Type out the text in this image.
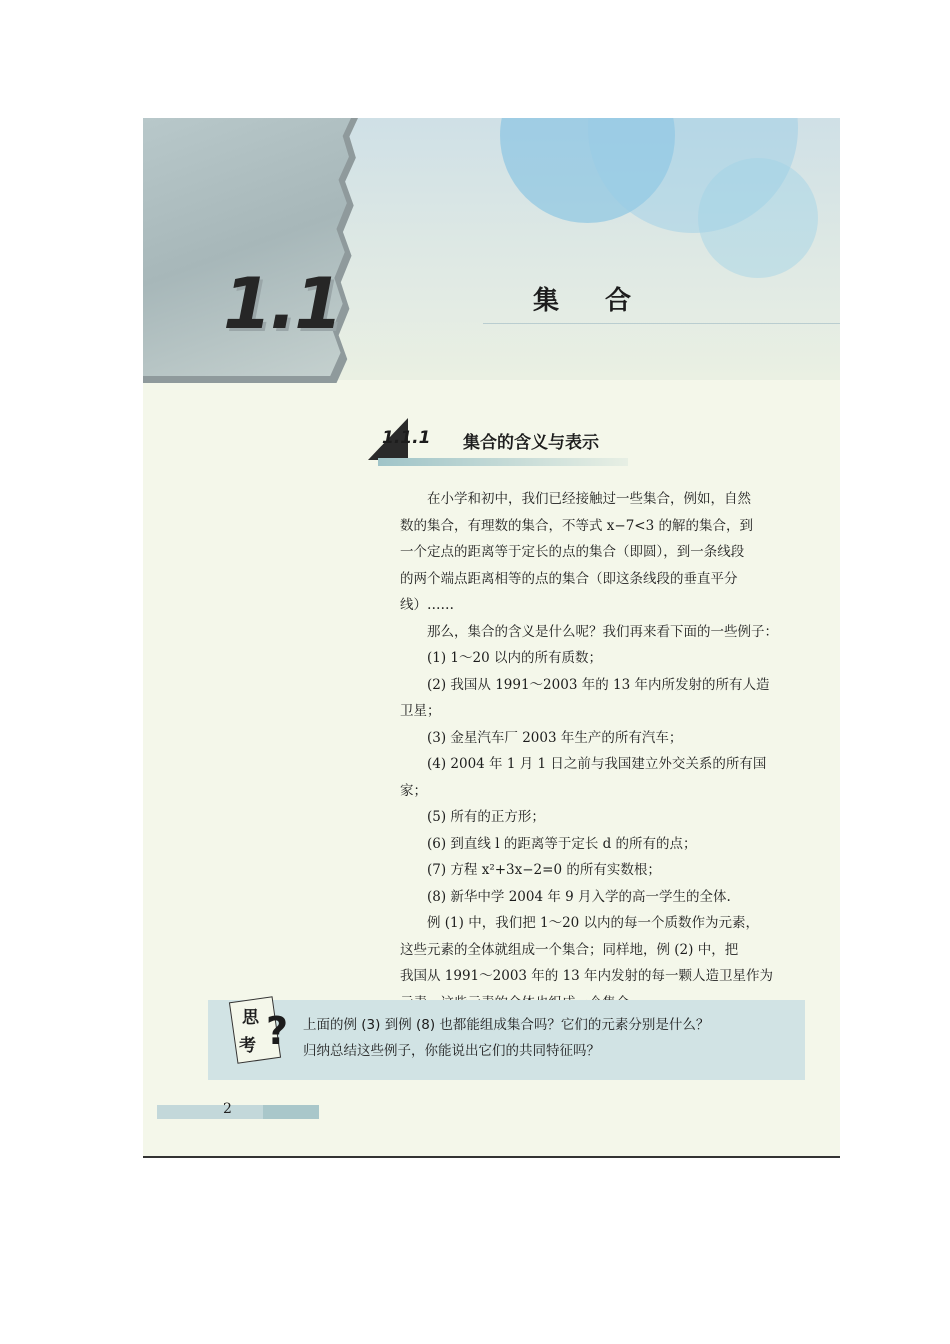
1.1	集合
1.1.1 集合的含义与表示

在小学和初中，我们已经接触过一些集合，例如，自然

数的集合，有理数的集合，不等式 x−7<3 的解的集合，到

一个定点的距离等于定长的点的集合（即圆），到一条线段

的两个端点距离相等的点的集合（即这条线段的垂直平分

线）……

那么，集合的含义是什么呢？我们再来看下面的一些例子：

(1) 1～20 以内的所有质数；

(2) 我国从 1991～2003 年的 13 年内所发射的所有人造

卫星；

(3) 金星汽车厂 2003 年生产的所有汽车；

(4) 2004 年 1 月 1 日之前与我国建立外交关系的所有国

家；

(5) 所有的正方形；

(6) 到直线 l 的距离等于定长 d 的所有的点；

(7) 方程 x²+3x−2=0 的所有实数根；

(8) 新华中学 2004 年 9 月入学的高一学生的全体.

例 (1) 中，我们把 1～20 以内的每一个质数作为元素，

这些元素的全体就组成一个集合；同样地，例 (2) 中，把

我国从 1991～2003 年的 13 年内发射的每一颗人造卫星作为

思
考 ? 上面的例 (3) 到例 (8) 也都能组成集合吗？它们的元素分别是什么？

归纳总结这些例子，你能说出它们的共同特征吗？

2
